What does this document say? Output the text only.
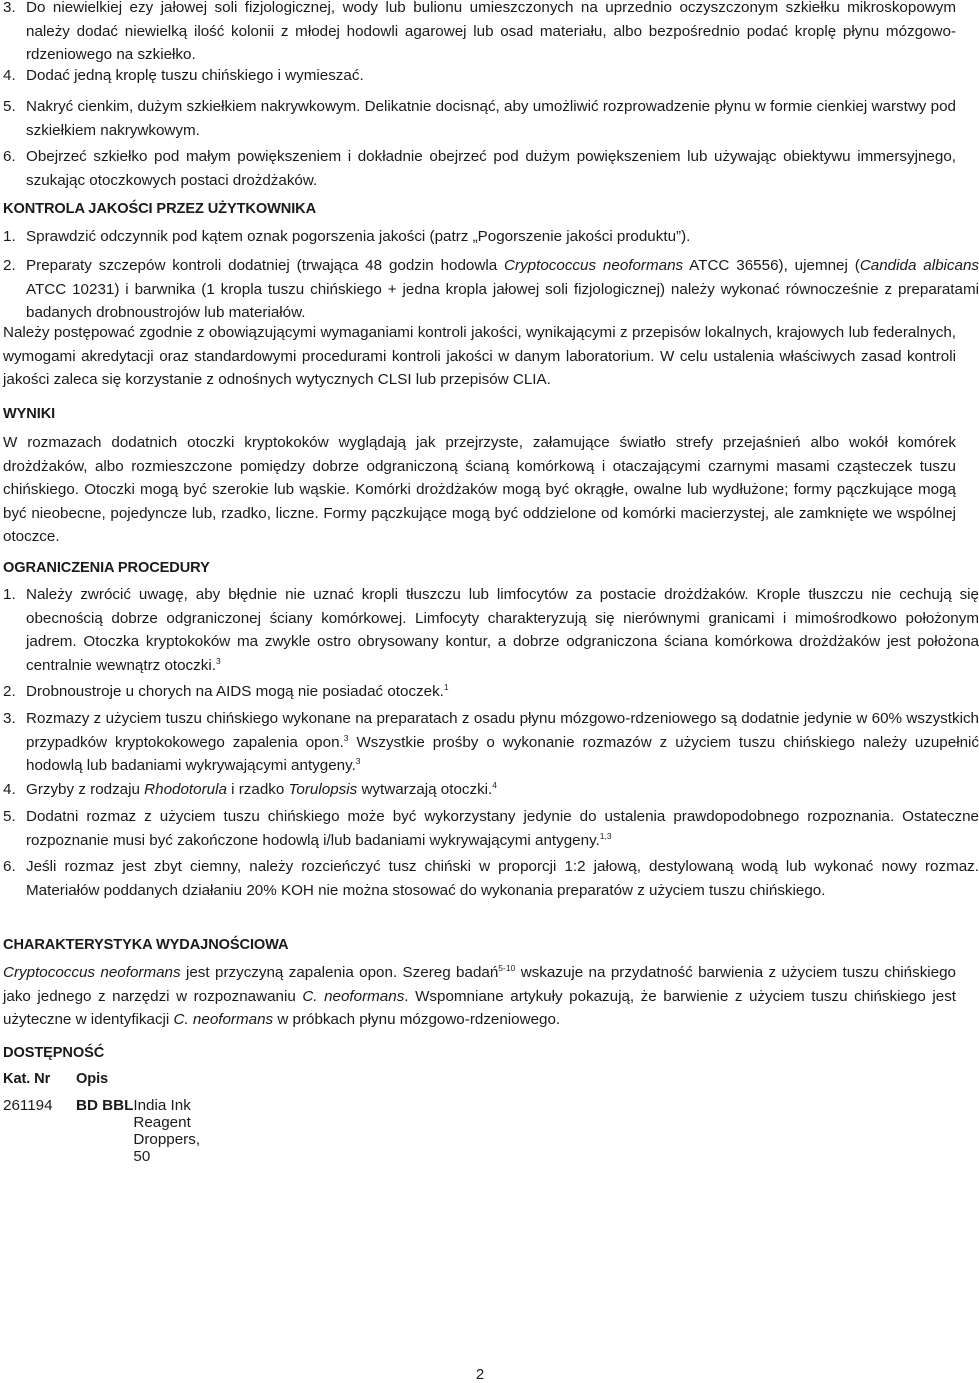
3. Do niewielkiej ezy jałowej soli fizjologicznej, wody lub bulionu umieszczonych na uprzednio oczyszczonym szkiełku mikroskopowym należy dodać niewielką ilość kolonii z młodej hodowli agarowej lub osad materiału, albo bezpośrednio podać kroplę płynu mózgowo-rdzeniowego na szkiełko.
4. Dodać jedną kroplę tuszu chińskiego i wymieszać.
5. Nakryć cienkim, dużym szkiełkiem nakrywkowym. Delikatnie docisnąć, aby umożliwić rozprowadzenie płynu w formie cienkiej warstwy pod szkiełkiem nakrywkowym.
6. Obejrzeć szkiełko pod małym powiększeniem i dokładnie obejrzeć pod dużym powiększeniem lub używając obiektywu immersyjnego, szukając otoczkowych postaci drożdżaków.
KONTROLA JAKOŚCI PRZEZ UŻYTKOWNIKA
1. Sprawdzić odczynnik pod kątem oznak pogorszenia jakości (patrz „Pogorszenie jakości produktu”).
2. Preparaty szczepów kontroli dodatniej (trwająca 48 godzin hodowla Cryptococcus neoformans ATCC 36556), ujemnej (Candida albicans ATCC 10231) i barwnika (1 kropla tuszu chińskiego + jedna kropla jałowej soli fizjologicznej) należy wykonać równocześnie z preparatami badanych drobnoustrojów lub materiałów.
Należy postępować zgodnie z obowiązującymi wymaganiami kontroli jakości, wynikającymi z przepisów lokalnych, krajowych lub federalnych, wymogami akredytacji oraz standardowymi procedurami kontroli jakości w danym laboratorium. W celu ustalenia właściwych zasad kontroli jakości zaleca się korzystanie z odnośnych wytycznych CLSI lub przepisów CLIA.
WYNIKI
W rozmazach dodatnich otoczki kryptokoków wyglądają jak przejrzyste, załamujące światło strefy przejaśnień albo wokół komórek drożdżaków, albo rozmieszczone pomiędzy dobrze odgraniczoną ścianą komórkową i otaczającymi czarnymi masami cząsteczek tuszu chińskiego. Otoczki mogą być szerokie lub wąskie. Komórki drożdżaków mogą być okrągłe, owalne lub wydłużone; formy pączkujące mogą być nieobecne, pojedyncze lub, rzadko, liczne. Formy pączkujące mogą być oddzielone od komórki macierzystej, ale zamknięte we wspólnej otoczce.
OGRANICZENIA PROCEDURY
1. Należy zwrócić uwagę, aby błędnie nie uznać kropli tłuszczu lub limfocytów za postacie drożdżaków. Krople tłuszczu nie cechują się obecnością dobrze odgraniczonej ściany komórkowej. Limfocyty charakteryzują się nierównymi granicami i mimośrodkowo położonym jadrem. Otoczka kryptokoków ma zwykle ostro obrysowany kontur, a dobrze odgraniczona ściana komórkowa drożdżaków jest położona centralnie wewnątrz otoczki.$^3$
2. Drobnoustroje u chorych na AIDS mogą nie posiadać otoczek.$^1$
3. Rozmazy z użyciem tuszu chińskiego wykonane na preparatach z osadu płynu mózgowo-rdzeniowego są dodatnie jedynie w 60% wszystkich przypadków kryptokokowego zapalenia opon.$^3$ Wszystkie prośby o wykonanie rozmazów z użyciem tuszu chińskiego należy uzupełnić hodowlą lub badaniami wykrywającymi antygeny.$^3$
4. Grzyby z rodzaju Rhodotorula i rzadko Torulopsis wytwarzają otoczki.$^4$
5. Dodatni rozmaz z użyciem tuszu chińskiego może być wykorzystany jedynie do ustalenia prawdopodobnego rozpoznania. Ostateczne rozpoznanie musi być zakończone hodowlą i/lub badaniami wykrywającymi antygeny.$^{1,3}$
6. Jeśli rozmaz jest zbyt ciemny, należy rozcieńczyć tusz chiński w proporcji 1:2 jałową, destylowaną wodą lub wykonać nowy rozmaz. Materiałów poddanych działaniu 20% KOH nie można stosować do wykonania preparatów z użyciem tuszu chińskiego.
CHARAKTERYSTYKA WYDAJNOŚCIOWA
Cryptococcus neoformans jest przyczyną zapalenia opon. Szereg badań$^{5-10}$ wskazuje na przydatność barwienia z użyciem tuszu chińskiego jako jednego z narzędzi w rozpoznawaniu C. neoformans. Wspomniane artykuły pokazują, że barwienie z użyciem tuszu chińskiego jest użyteczne w identyfikacji C. neoformans w próbkach płynu mózgowo-rdzeniowego.
DOSTĘPNOŚĆ
Kat. Nr Opis
261194 BD BBL India Ink Reagent Droppers, 50
2
